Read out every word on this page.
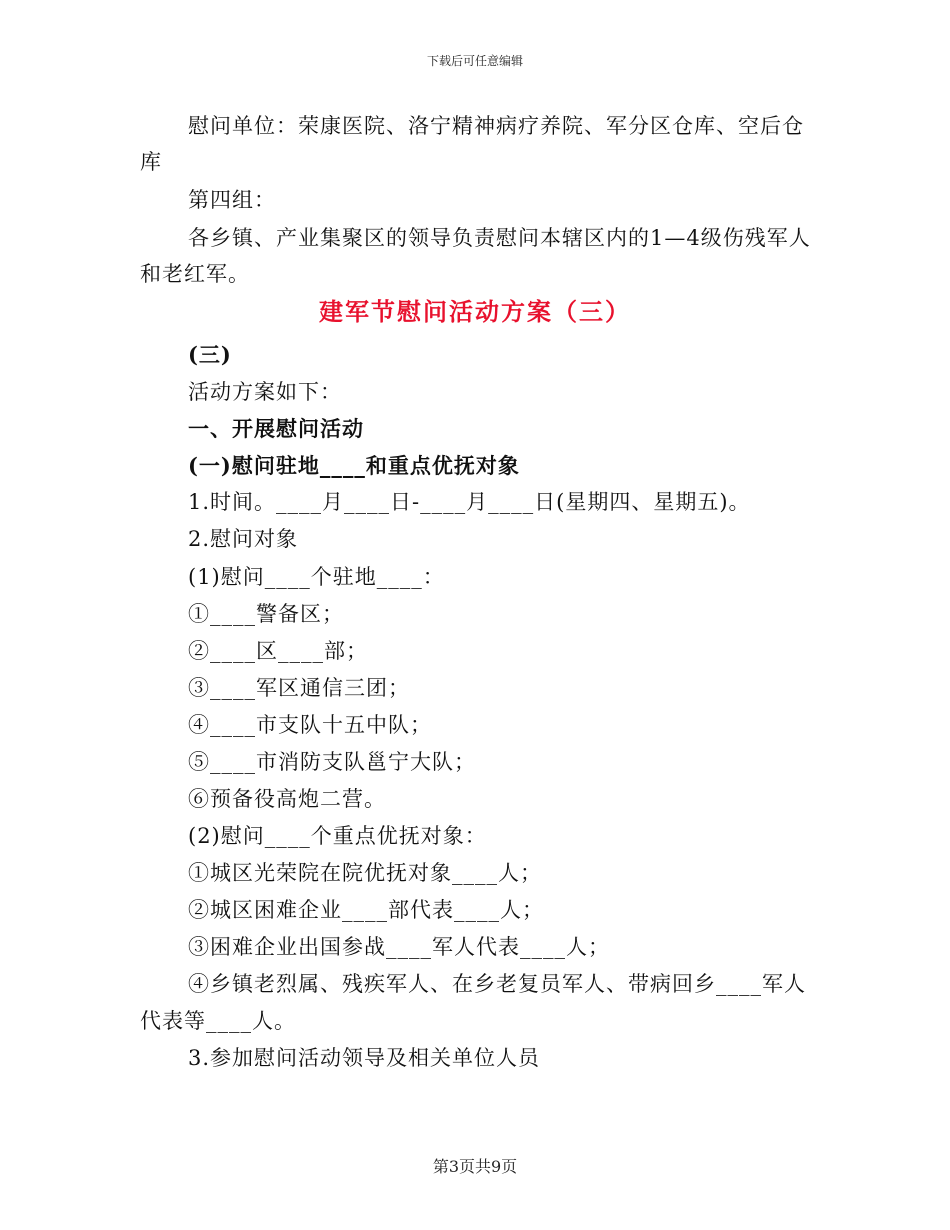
下载后可任意编辑
慰问单位：荣康医院、洛宁精神病疗养院、军分区仓库、空后仓
库
第四组：
各乡镇、产业集聚区的领导负责慰问本辖区内的1—4级伤残军人
和老红军。
建军节慰问活动方案（三）
(三)
活动方案如下：
一、开展慰问活动
(一)慰问驻地____和重点优抚对象
1.时间。____月____日-____月____日(星期四、星期五)。
2.慰问对象
(1)慰问____个驻地____：
①____警备区；
②____区____部；
③____军区通信三团；
④____市支队十五中队；
⑤____市消防支队邕宁大队；
⑥预备役高炮二营。
(2)慰问____个重点优抚对象：
①城区光荣院在院优抚对象____人；
②城区困难企业____部代表____人；
③困难企业出国参战____军人代表____人；
④乡镇老烈属、残疾军人、在乡老复员军人、带病回乡____军人
代表等____人。
3.参加慰问活动领导及相关单位人员
第3页共9页
